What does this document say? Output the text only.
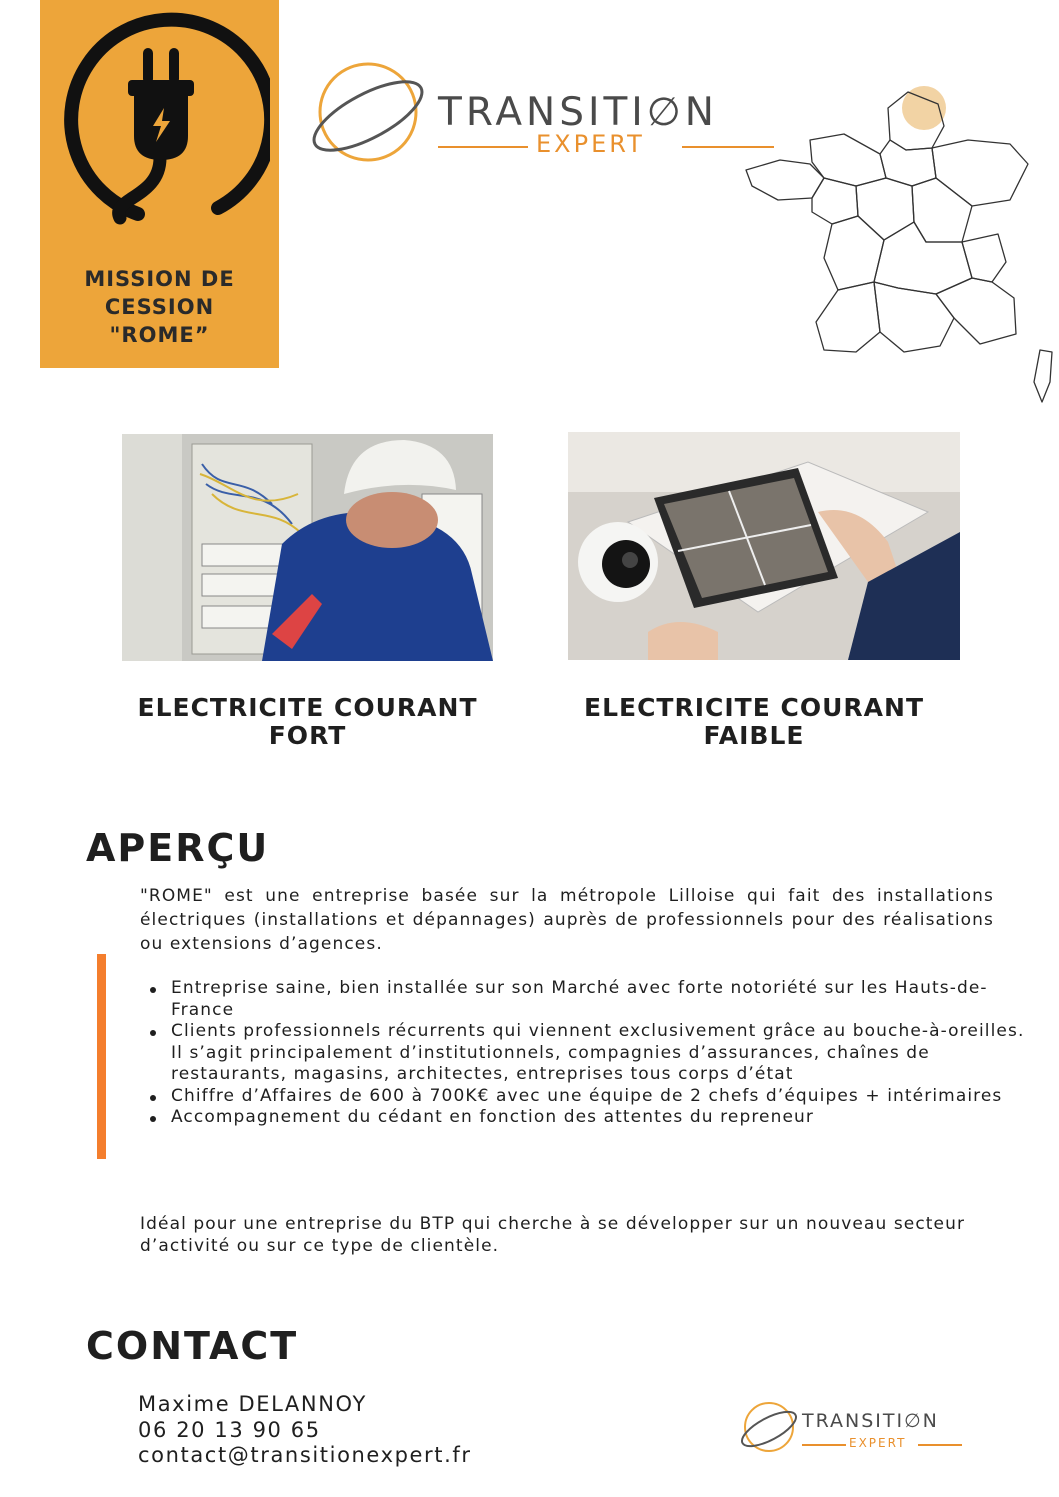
MISSION DE
CESSION
"ROME”
TRANSITI∅N
EXPERT
ELECTRICITE COURANT
FORT
ELECTRICITE COURANT
FAIBLE
APERÇU
"ROME" est une entreprise basée sur la métropole Lilloise qui fait des installations électriques (installations et dépannages) auprès de professionnels pour des réalisations ou extensions d’agences.
Entreprise saine, bien installée sur son Marché avec forte notoriété sur les Hauts-de-France
Clients professionnels récurrents qui viennent exclusivement grâce au bouche-à-oreilles. Il s’agit principalement d’institutionnels, compagnies d’assurances, chaînes de restaurants, magasins, architectes, entreprises tous corps d’état
Chiffre d’Affaires de 600 à 700K€ avec une équipe de 2 chefs d’équipes + intérimaires
Accompagnement du cédant en fonction des attentes du repreneur
Idéal pour une entreprise du BTP qui cherche à se développer sur un nouveau secteur d’activité ou sur ce type de clientèle.
CONTACT
Maxime DELANNOY
06 20 13 90 65
contact@transitionexpert.fr
TRANSITI∅N
EXPERT
